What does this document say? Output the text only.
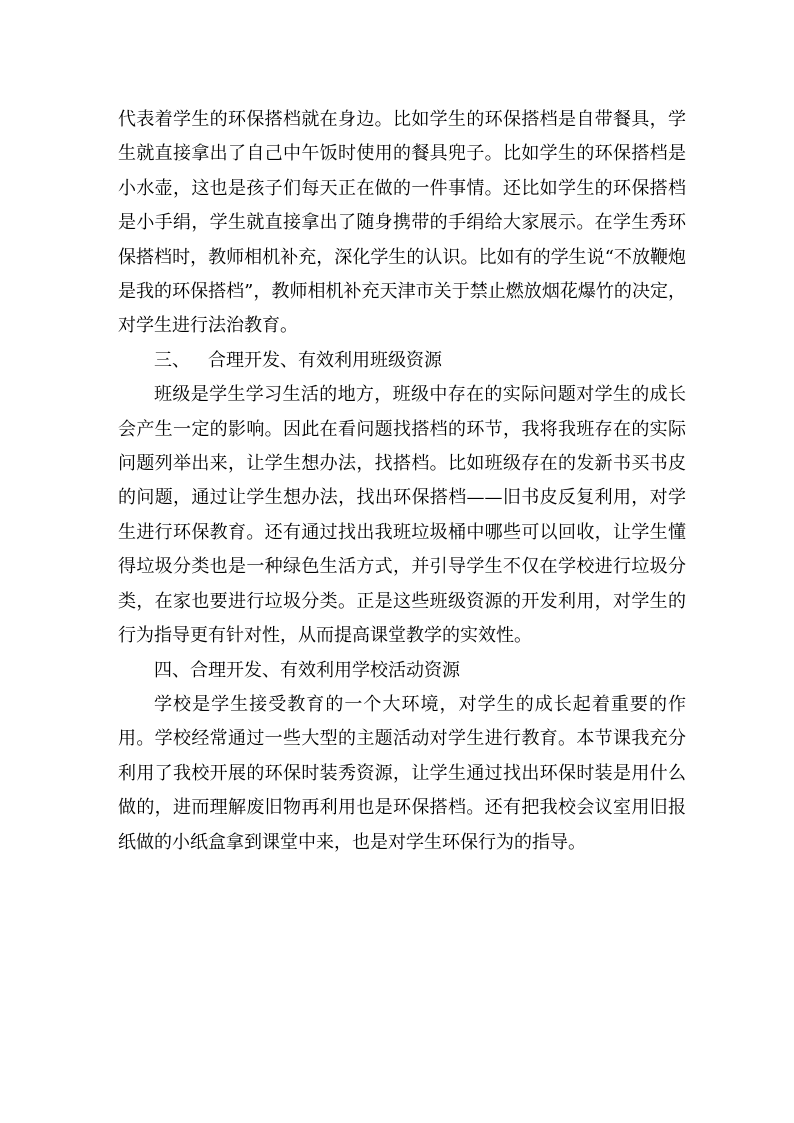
代表着学生的环保搭档就在身边。比如学生的环保搭档是自带餐具，学生就直接拿出了自己中午饭时使用的餐具兜子。比如学生的环保搭档是小水壶，这也是孩子们每天正在做的一件事情。还比如学生的环保搭档是小手绢，学生就直接拿出了随身携带的手绢给大家展示。在学生秀环保搭档时，教师相机补充，深化学生的认识。比如有的学生说“不放鞭炮是我的环保搭档”，教师相机补充天津市关于禁止燃放烟花爆竹的决定，对学生进行法治教育。

三、 合理开发、有效利用班级资源

班级是学生学习生活的地方，班级中存在的实际问题对学生的成长会产生一定的影响。因此在看问题找搭档的环节，我将我班存在的实际问题列举出来，让学生想办法，找搭档。比如班级存在的发新书买书皮的问题，通过让学生想办法，找出环保搭档——旧书皮反复利用，对学生进行环保教育。还有通过找出我班垃圾桶中哪些可以回收，让学生懂得垃圾分类也是一种绿色生活方式，并引导学生不仅在学校进行垃圾分类，在家也要进行垃圾分类。正是这些班级资源的开发利用，对学生的行为指导更有针对性，从而提高课堂教学的实效性。

四、合理开发、有效利用学校活动资源

学校是学生接受教育的一个大环境，对学生的成长起着重要的作用。学校经常通过一些大型的主题活动对学生进行教育。本节课我充分利用了我校开展的环保时装秀资源，让学生通过找出环保时装是用什么做的，进而理解废旧物再利用也是环保搭档。还有把我校会议室用旧报纸做的小纸盒拿到课堂中来，也是对学生环保行为的指导。
